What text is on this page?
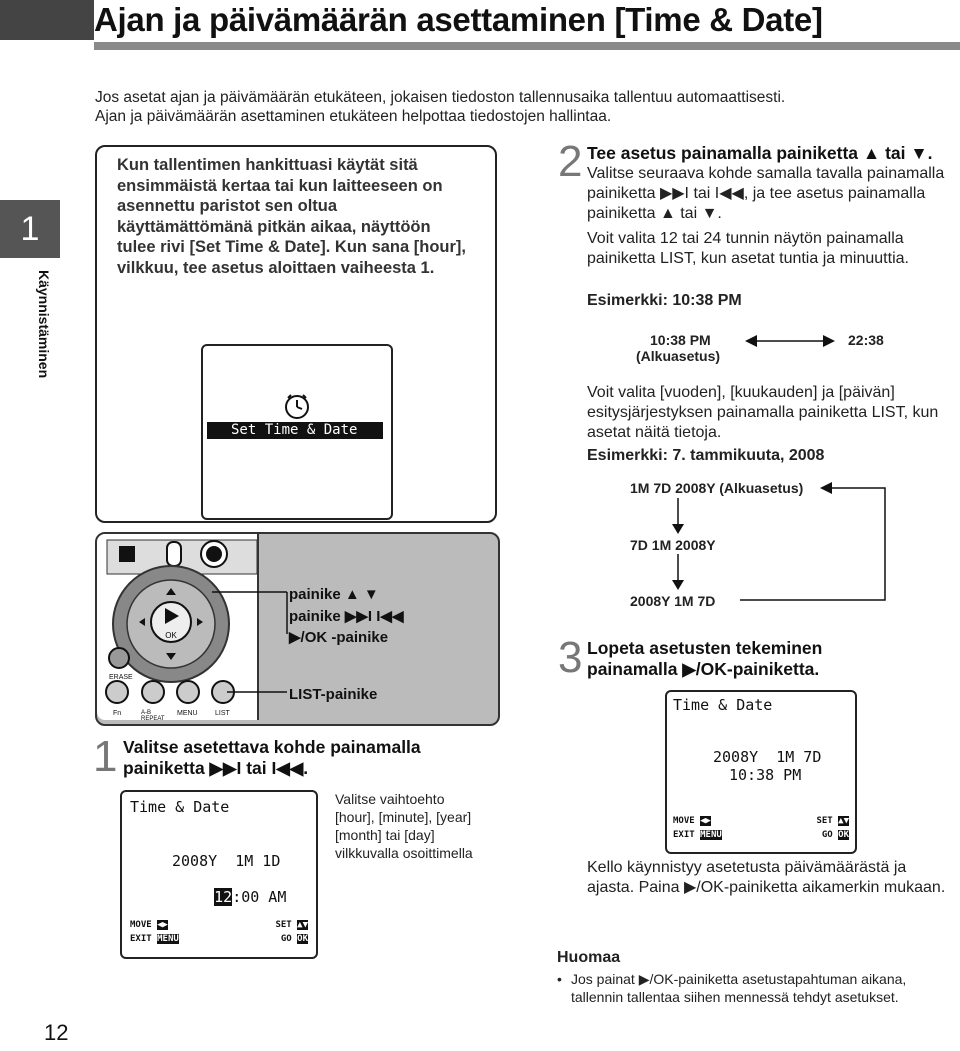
Ajan ja päivämäärän asettaminen [Time & Date]
Jos asetat ajan ja päivämäärän etukäteen, jokaisen tiedoston tallennusaika tallentuu automaattisesti.
Ajan ja päivämäärän asettaminen etukäteen helpottaa tiedostojen hallintaa.
1
Käynnistäminen
12
Kun tallentimen hankittuasi käytät sitä ensimmäistä kertaa tai kun laitteeseen on asennettu paristot sen oltua käyttämättömänä pitkän aikaa, näyttöön tulee rivi [Set Time & Date]. Kun sana [hour], vilkkuu, tee asetus aloittaen vaiheesta 1.
Set Time & Date
OK
ERASE
Fn	A-B REPEAT
MENU LIST
painike ▲ ▼
painike ▶▶I I◀◀
▶/OK -painike
LIST-painike
1 Valitse asetettava kohde painamalla painiketta ▶▶I tai I◀◀.
Time & Date
2008Y  1M 1D

12:00 AM

MOVE ◀▶	SET ▲▼
EXIT MENU	GO OK
Valitse vaihtoehto [hour], [minute], [year] [month] tai [day] vilkkuvalla osoittimella
2 Tee asetus painamalla painiketta ▲ tai ▼.
Valitse seuraava kohde samalla tavalla painamalla painiketta ▶▶I tai I◀◀, ja tee asetus painamalla painiketta ▲ tai ▼.
Voit valita 12 tai 24 tunnin näytön painamalla painiketta LIST, kun asetat tuntia ja minuuttia.
Esimerkki: 10:38 PM
10:38 PM
(Alkuasetus)
22:38
Voit valita [vuoden], [kuukauden] ja [päivän] esitysjärjestyksen painamalla painiketta LIST, kun asetat näitä tietoja.
Esimerkki: 7. tammikuuta, 2008
1M 7D 2008Y (Alkuasetus)
7D 1M 2008Y
2008Y 1M 7D
3 Lopeta asetusten tekeminen painamalla ▶/OK-painiketta.
Time & Date
2008Y  1M 7D
10:38 PM
MOVE ◀▶	SET ▲▼
EXIT MENU	GO OK
Kello käynnistyy asetetusta päivämäärästä ja ajasta. Paina ▶/OK-painiketta aikamerkin mukaan.
Huomaa
• Jos painat ▶/OK-painiketta asetustapahtuman aikana, tallennin tallentaa siihen mennessä tehdyt asetukset.
